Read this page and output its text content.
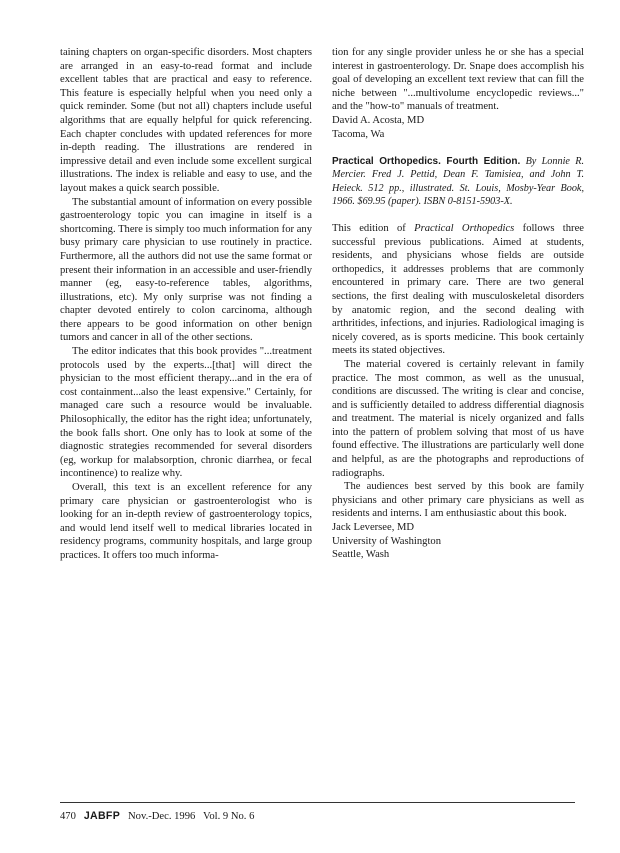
taining chapters on organ-specific disorders. Most chapters are arranged in an easy-to-read format and include excellent tables that are practical and easy to reference. This feature is especially helpful when you need only a quick reminder. Some (but not all) chapters include useful algorithms that are equally helpful for quick referencing. Each chapter concludes with updated references for more in-depth reading. The illustrations are rendered in impressive detail and even include some excellent surgical illustrations. The index is reliable and easy to use, and the layout makes a quick search possible.

The substantial amount of information on every possible gastroenterology topic you can imagine in itself is a shortcoming. There is simply too much information for any busy primary care physician to use routinely in practice. Furthermore, all the authors did not use the same format or present their information in an accessible and user-friendly manner (eg, easy-to-reference tables, algorithms, illustrations, etc). My only surprise was not finding a chapter devoted entirely to colon carcinoma, although there appears to be good information on other benign tumors and cancer in all of the other sections.

The editor indicates that this book provides "...treatment protocols used by the experts...[that] will direct the physician to the most efficient therapy...and in the era of cost containment...also the least expensive." Certainly, for managed care such a resource would be invaluable. Philosophically, the editor has the right idea; unfortunately, the book falls short. One only has to look at some of the diagnostic strategies recommended for several disorders (eg, workup for malabsorption, chronic diarrhea, or fecal incontinence) to realize why.

Overall, this text is an excellent reference for any primary care physician or gastroenterologist who is looking for an in-depth review of gastroenterology topics, and would lend itself well to medical libraries located in residency programs, community hospitals, and large group practices. It offers too much informa-

tion for any single provider unless he or she has a special interest in gastroenterology. Dr. Snape does accomplish his goal of developing an excellent text review that can fill the niche between "...multivolume encyclopedic reviews..." and the "how-to" manuals of treatment.

David A. Acosta, MD

Tacoma, Wa

Practical Orthopedics. Fourth Edition. By Lonnie R. Mercier. Fred J. Pettid, Dean F. Tamisiea, and John T. Heieck. 512 pp., illustrated. St. Louis, Mosby-Year Book, 1966. $69.95 (paper). ISBN 0-8151-5903-X.

This edition of Practical Orthopedics follows three successful previous publications. Aimed at students, residents, and physicians whose fields are outside orthopedics, it addresses problems that are commonly encountered in primary care. There are two general sections, the first dealing with musculoskeletal disorders by anatomic region, and the second dealing with arthritides, infections, and injuries. Radiological imaging is nicely covered, as is sports medicine. This book certainly meets its stated objectives.

The material covered is certainly relevant in family practice. The most common, as well as the unusual, conditions are discussed. The writing is clear and concise, and is sufficiently detailed to address differential diagnosis and treatment. The material is nicely organized and falls into the pattern of problem solving that most of us have found effective. The illustrations are particularly well done and helpful, as are the photographs and reproductions of radiographs.

The audiences best served by this book are family physicians and other primary care physicians as well as residents and interns. I am enthusiastic about this book.

Jack Leversee, MD

University of Washington

Seattle, Wash

470 JABFP Nov.-Dec. 1996   Vol. 9 No. 6
